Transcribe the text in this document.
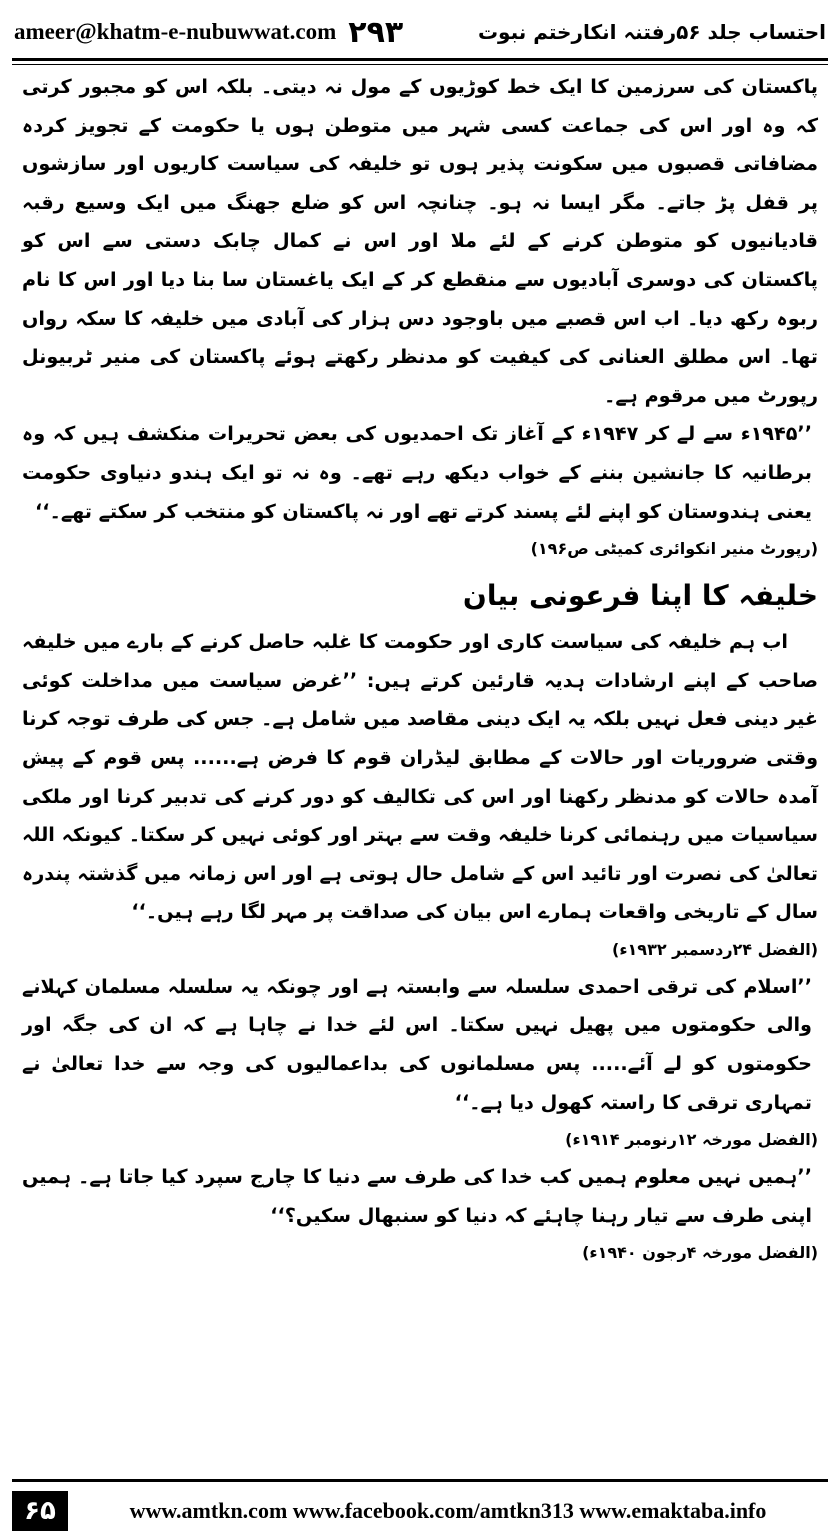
ameer@khatm-e-nubuwwat.com ۲۹۳	احتساب جلد ۵۶رفتنہ انکارختم نبوت

پاکستان کی سرزمین کا ایک خط کوڑیوں کے مول نہ دیتی۔ بلکہ اس کو مجبور کرتی کہ وہ اور اس کی جماعت کسی شہر میں متوطن ہوں یا حکومت کے تجویز کردہ مضافاتی قصبوں میں سکونت پذیر ہوں تو خلیفہ کی سیاست کاریوں اور سازشوں پر قفل پڑ جاتے۔ مگر ایسا نہ ہو۔ چنانچہ اس کو ضلع جھنگ میں ایک وسیع رقبہ قادیانیوں کو متوطن کرنے کے لئے ملا اور اس نے کمال چابک دستی سے اس کو پاکستان کی دوسری آبادیوں سے منقطع کر کے ایک یاغستان سا بنا دیا اور اس کا نام ربوہ رکھ دیا۔ اب اس قصبے میں باوجود دس ہزار کی آبادی میں خلیفہ کا سکہ رواں تھا۔ اس مطلق العنانی کی کیفیت کو مدنظر رکھتے ہوئے پاکستان کی منیر ٹربیونل رپورٹ میں مرقوم ہے۔

’’۱۹۴۵ء سے لے کر ۱۹۴۷ء کے آغاز تک احمدیوں کی بعض تحریرات منکشف ہیں کہ وہ برطانیہ کا جانشین بننے کے خواب دیکھ رہے تھے۔ وہ نہ تو ایک ہندو دنیاوی حکومت یعنی ہندوستان کو اپنے لئے پسند کرتے تھے اور نہ پاکستان کو منتخب کر سکتے تھے۔‘‘

(رپورٹ منیر انکوائری کمیٹی ص۱۹۶)

خلیفہ کا اپنا فرعونی بیان

اب ہم خلیفہ کی سیاست کاری اور حکومت کا غلبہ حاصل کرنے کے بارے میں خلیفہ صاحب کے اپنے ارشادات ہدیہ قارئین کرتے ہیں: ’’غرض سیاست میں مداخلت کوئی غیر دینی فعل نہیں بلکہ یہ ایک دینی مقاصد میں شامل ہے۔ جس کی طرف توجہ کرنا وقتی ضروریات اور حالات کے مطابق لیڈران قوم کا فرض ہے...... پس قوم کے پیش آمدہ حالات کو مدنظر رکھنا اور اس کی تکالیف کو دور کرنے کی تدبیر کرنا اور ملکی سیاسیات میں رہنمائی کرنا خلیفہ وقت سے بہتر اور کوئی نہیں کر سکتا۔ کیونکہ اللہ تعالیٰ کی نصرت اور تائید اس کے شامل حال ہوتی ہے اور اس زمانہ میں گذشتہ پندرہ سال کے تاریخی واقعات ہمارے اس بیان کی صداقت پر مہر لگا رہے ہیں۔‘‘

(الفضل ۲۴ردسمبر ۱۹۳۲ء)

’’اسلام کی ترقی احمدی سلسلہ سے وابستہ ہے اور چونکہ یہ سلسلہ مسلمان کہلانے والی حکومتوں میں پھیل نہیں سکتا۔ اس لئے خدا نے چاہا ہے کہ ان کی جگہ اور حکومتوں کو لے آئے..... پس مسلمانوں کی بداعمالیوں کی وجہ سے خدا تعالیٰ نے تمہاری ترقی کا راستہ کھول دیا ہے۔‘‘

(الفضل مورخہ ۱۲رنومبر ۱۹۱۴ء)

’’ہمیں نہیں معلوم ہمیں کب خدا کی طرف سے دنیا کا چارج سپرد کیا جاتا ہے۔ ہمیں اپنی طرف سے تیار رہنا چاہئے کہ دنیا کو سنبھال سکیں؟‘‘

(الفضل مورخہ ۴رجون ۱۹۴۰ء)
۶۵	www.amtkn.com www.facebook.com/amtkn313 www.emaktaba.info
